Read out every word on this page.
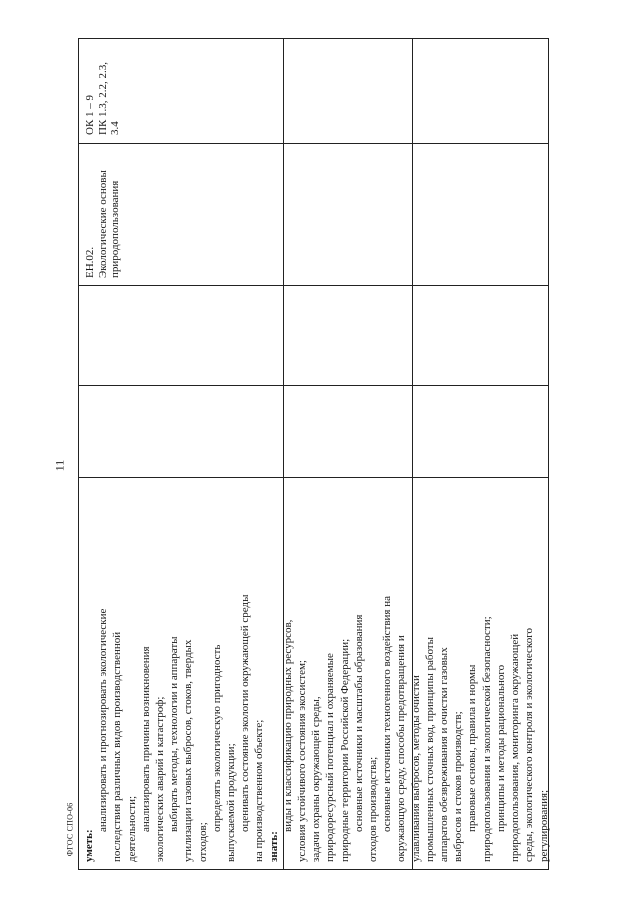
11
ФГОС СПО-06
ОК 1 – 9 ПК 1.3, 2.2, 2.3, 3.4
ЕН.02. Экологические основы природопользования
уметь:
анализировать и прогнозировать экологические последствия различных видов производственной деятельности; анализировать причины возникновения экологических аварий и катастроф; выбирать методы, технологии и аппараты утилизации газовых выбросов, стоков, твердых отходов;
определять экологическую пригодность выпускаемой продукции; оценивать состояние экологии окружающей среды на производственном объекте; знать:
виды и классификацию природных ресурсов, условия устойчивого состояния экосистем; задачи охраны окружающей среды, природоресурсный потенциал и охраняемые природные территории Российской Федерации; основные источники и масштабы образования отходов производства; основные источники техногенного воздействия на окружающую среду, способы предотвращения и улавливания выбросов, методы очистки промышленных сточных вод, принципы работы аппаратов обезвреживания и очистки газовых выбросов и стоков производств; правовые основы, правила и нормы природопользования и экологической безопасности; принципы и методы рационального природопользования, мониторинга окружающей среды, экологического контроля и экологического регулирования;
